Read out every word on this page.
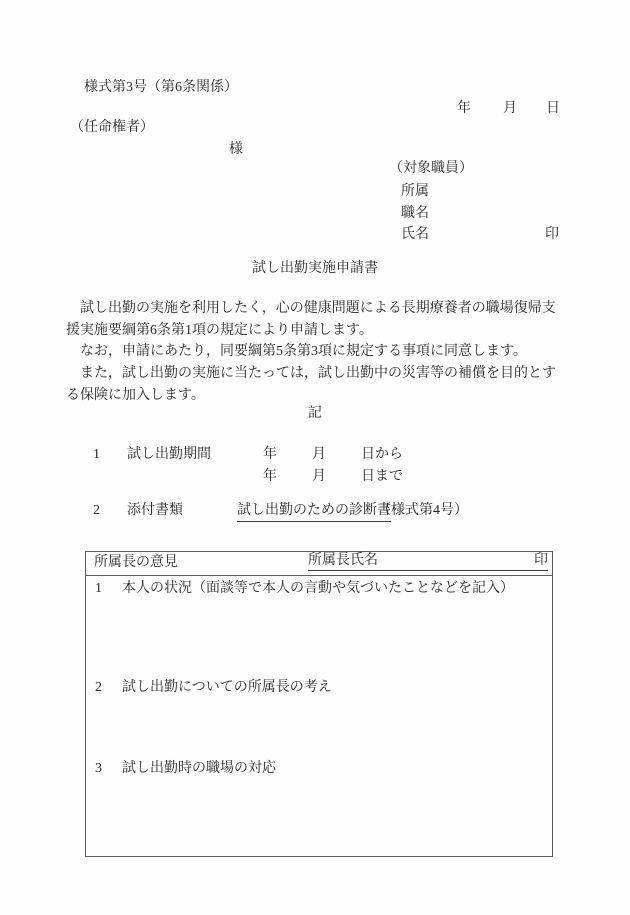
様式第3号（第6条関係）
年 月 日
（任命権者）
様
（対象職員）
所属
職名
氏名	印
試し出勤実施申請書
　試し出勤の実施を利用したく，心の健康問題による長期療養者の職場復帰支
援実施要綱第6条第1項の規定により申請します。
　なお，申請にあたり，同要綱第5条第3項に規定する事項に同意します。
　また，試し出勤の実施に当たっては，試し出勤中の災害等の補償を目的とす
る保険に加入します。
記
1 試し出勤期間	年	月	日から
年	月	日まで
2 添付書類	試し出勤のための診断書
（様式第4号）
所属長の意見	所属長氏名	印
1	本人の状況（面談等で本人の言動や気づいたことなどを記入）
2	試し出勤についての所属長の考え
3	試し出勤時の職場の対応
